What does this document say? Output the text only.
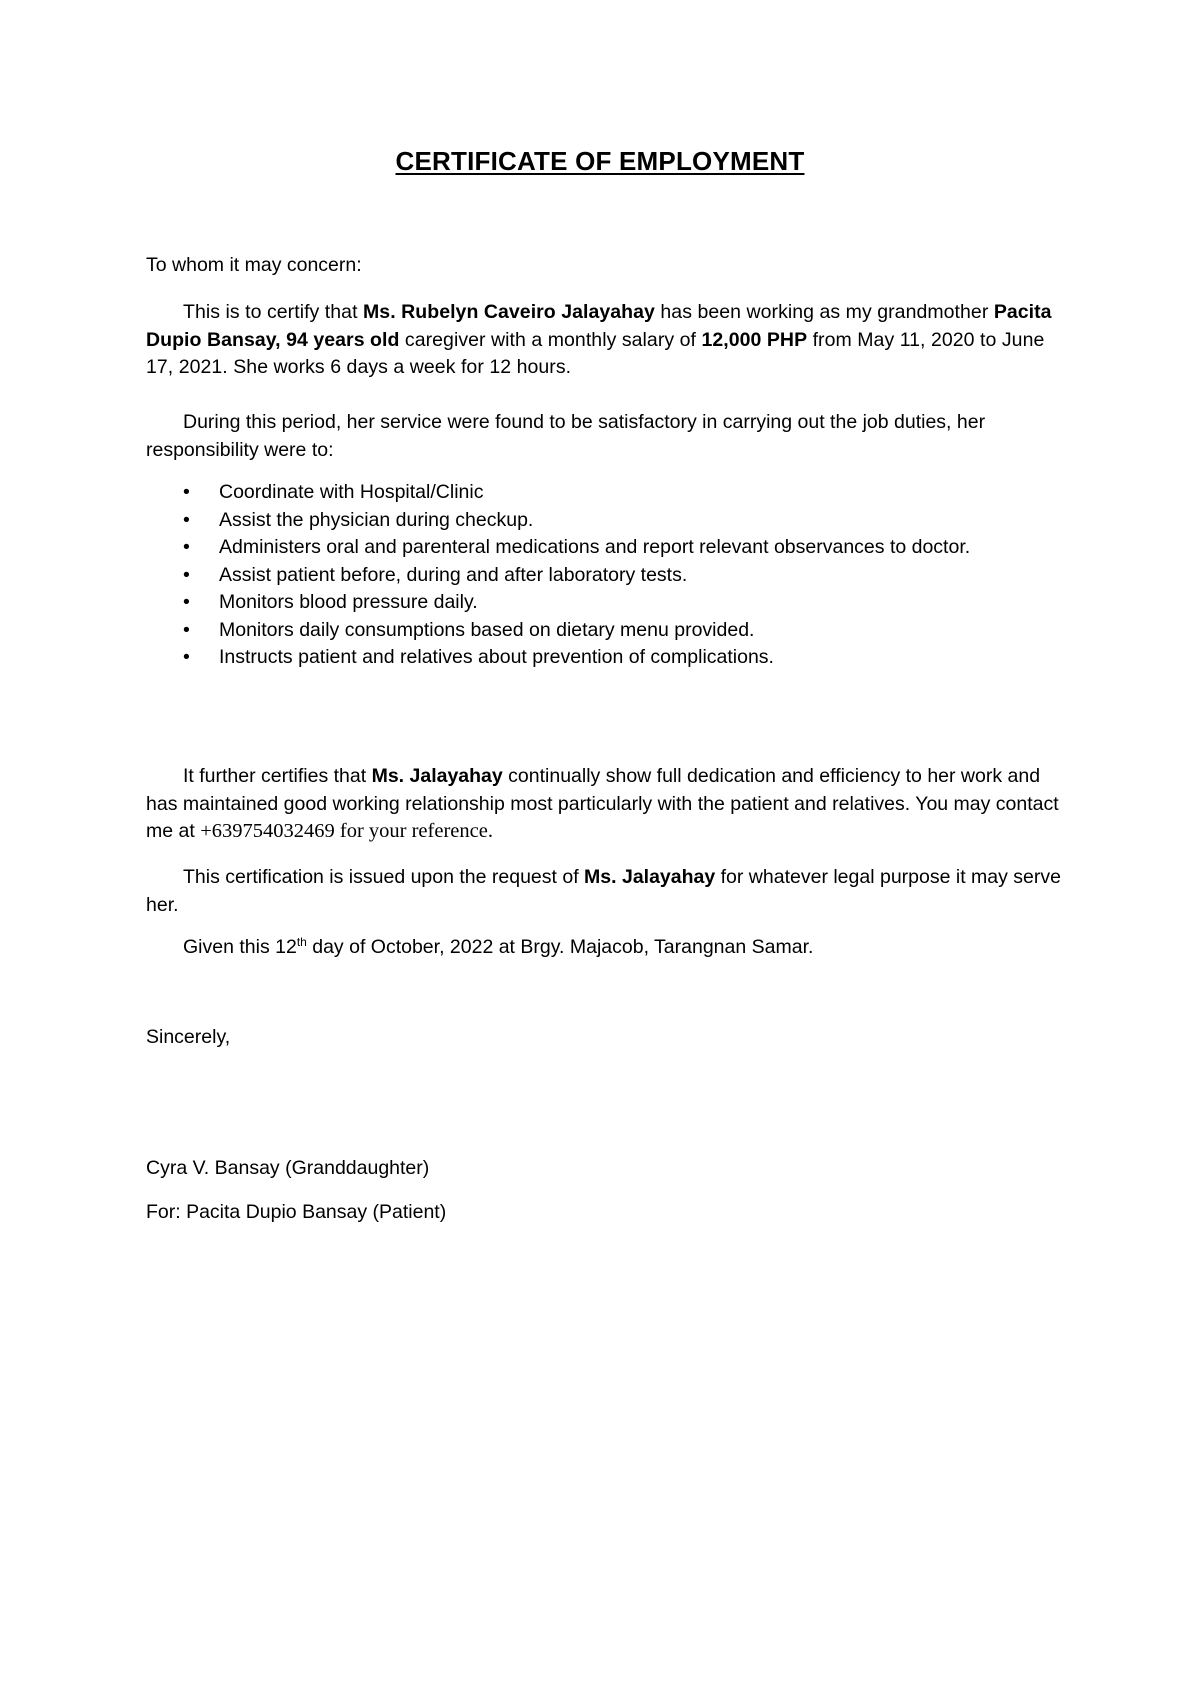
CERTIFICATE OF EMPLOYMENT

To whom it may concern:

This is to certify that Ms. Rubelyn Caveiro Jalayahay has been working as my grandmother Pacita Dupio Bansay, 94 years old caregiver with a monthly salary of 12,000 PHP from May 11, 2020 to June 17, 2021. She works 6 days a week for 12 hours.

During this period, her service were found to be satisfactory in carrying out the job duties, her responsibility were to:

• Coordinate with Hospital/Clinic
• Assist the physician during checkup.
• Administers oral and parenteral medications and report relevant observances to doctor.
• Assist patient before, during and after laboratory tests.
• Monitors blood pressure daily.
• Monitors daily consumptions based on dietary menu provided.
• Instructs patient and relatives about prevention of complications.

It further certifies that Ms. Jalayahay continually show full dedication and efficiency to her work and has maintained good working relationship most particularly with the patient and relatives. You may contact me at +639754032469 for your reference.

This certification is issued upon the request of Ms. Jalayahay for whatever legal purpose it may serve her.

Given this 12th day of October, 2022 at Brgy. Majacob, Tarangnan Samar.

Sincerely,

Cyra V. Bansay (Granddaughter)

For: Pacita Dupio Bansay (Patient)
